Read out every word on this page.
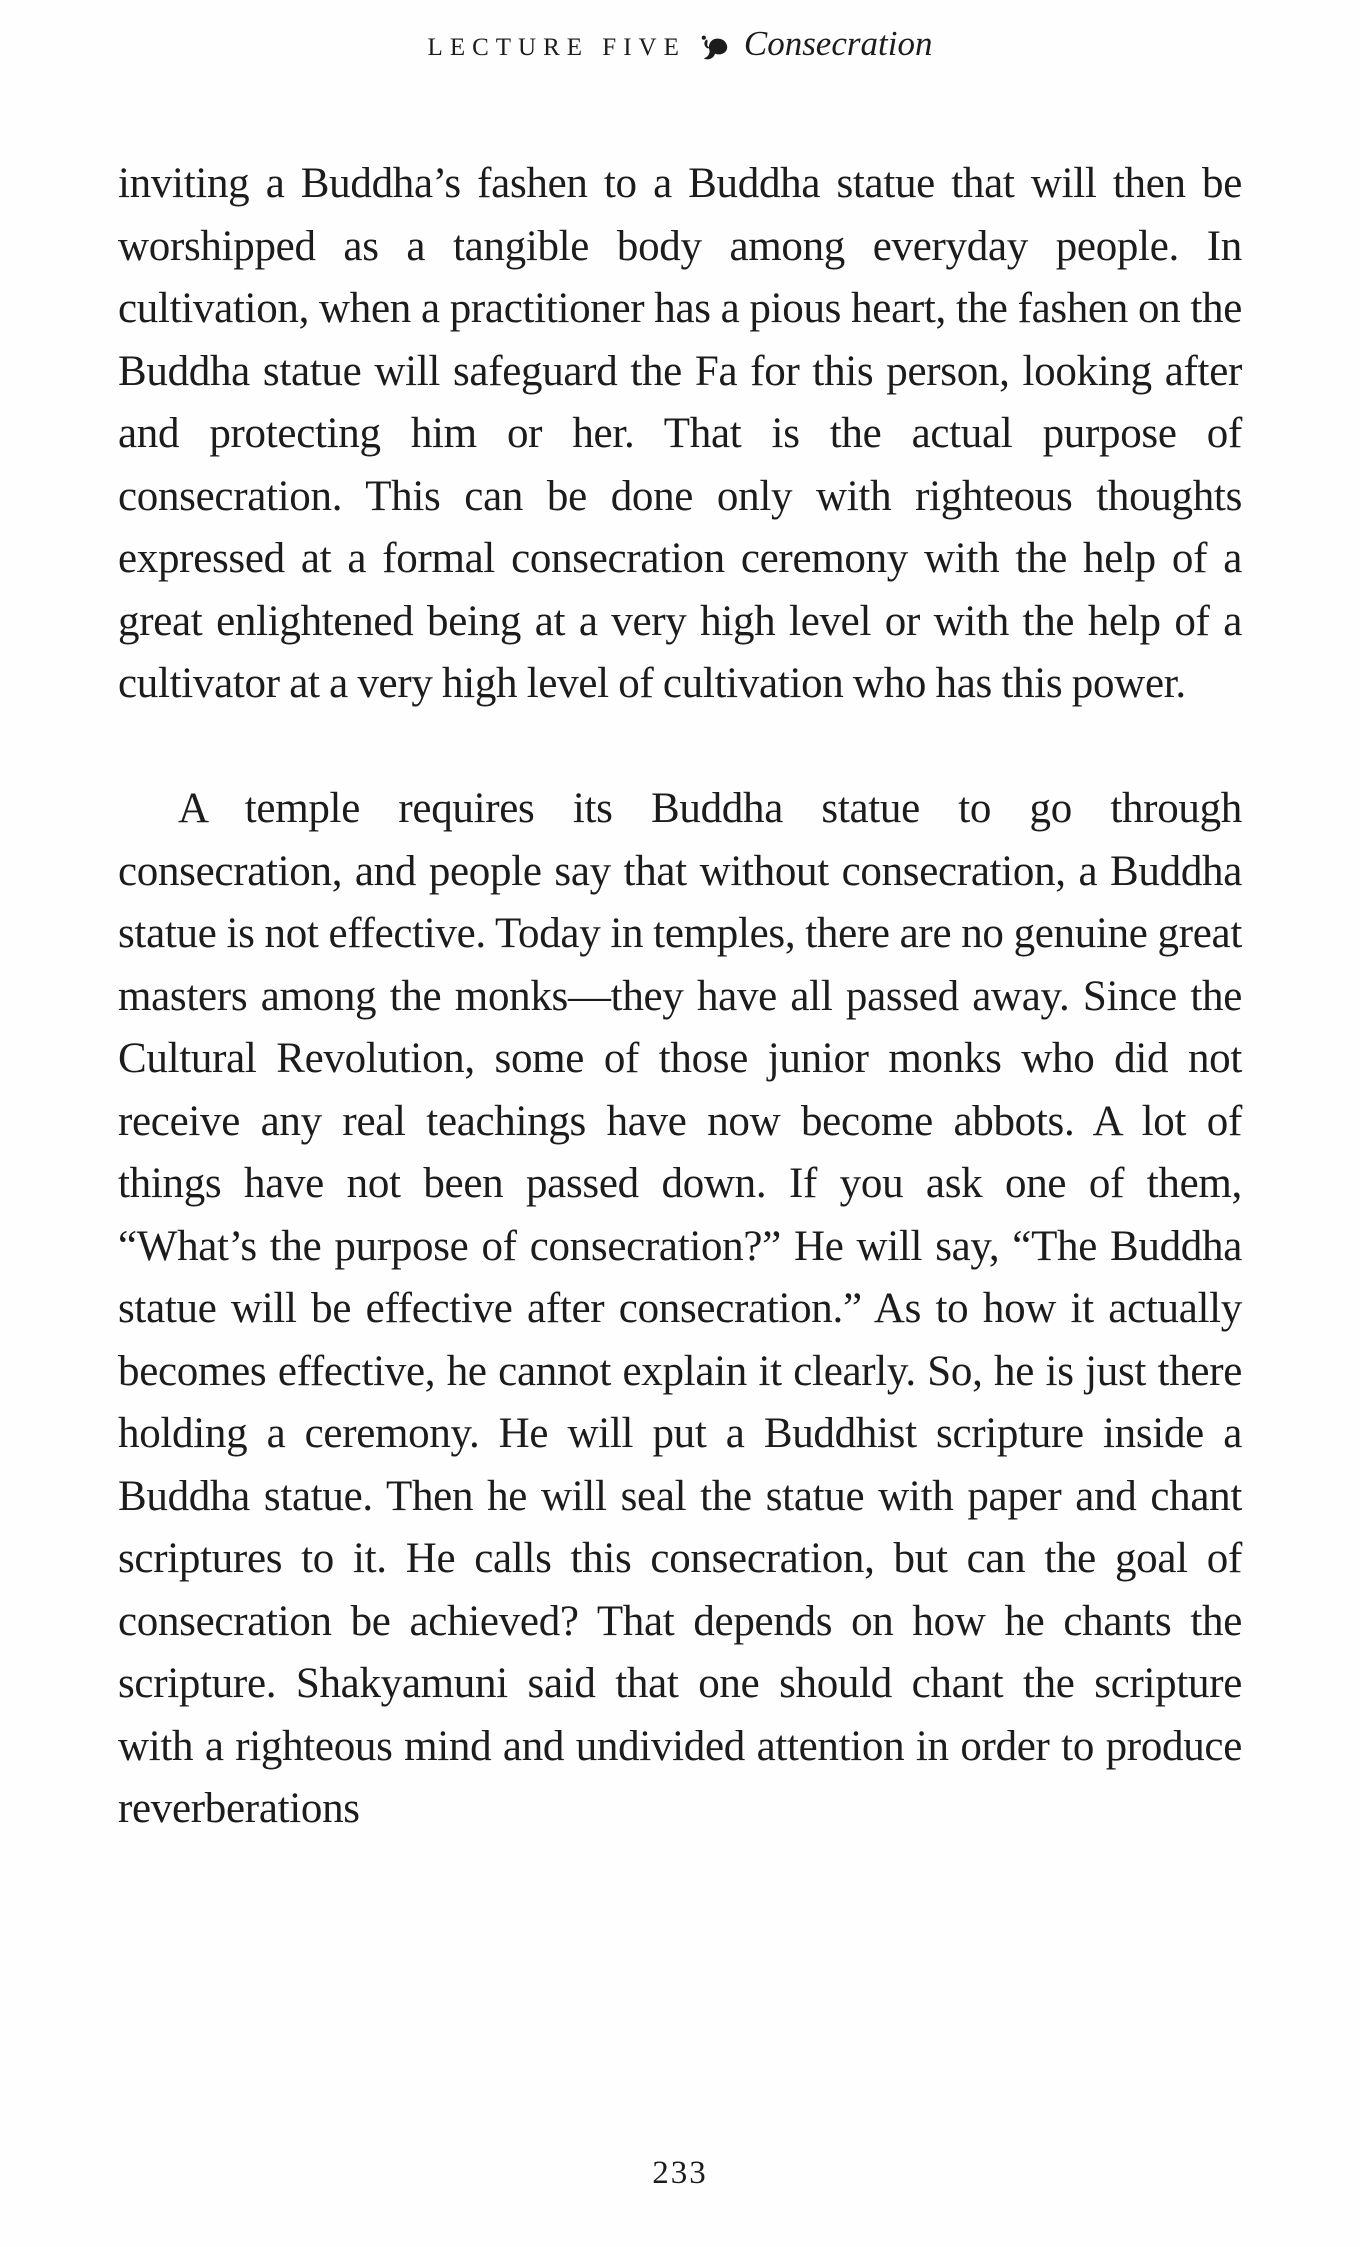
LECTURE FIVE Consecration

inviting a Buddha’s fashen to a Buddha statue that will then be worshipped as a tangible body among everyday people. In cultivation, when a practitioner has a pious heart, the fashen on the Buddha statue will safeguard the Fa for this person, looking after and protecting him or her. That is the actual purpose of consecration. This can be done only with righteous thoughts expressed at a formal consecration ceremony with the help of a great enlightened being at a very high level or with the help of a cultivator at a very high level of cultivation who has this power.

A temple requires its Buddha statue to go through consecration, and people say that without consecration, a Buddha statue is not effective. Today in temples, there are no genuine great masters among the monks—they have all passed away. Since the Cultural Revolution, some of those junior monks who did not receive any real teachings have now become abbots. A lot of things have not been passed down. If you ask one of them, “What’s the purpose of consecration?” He will say, “The Buddha statue will be effective after consecration.” As to how it actually becomes effective, he cannot explain it clearly. So, he is just there holding a ceremony. He will put a Buddhist scripture inside a Buddha statue. Then he will seal the statue with paper and chant scriptures to it. He calls this consecration, but can the goal of consecration be achieved? That depends on how he chants the scripture. Shakyamuni said that one should chant the scripture with a righteous mind and undivided attention in order to produce reverberations

233
